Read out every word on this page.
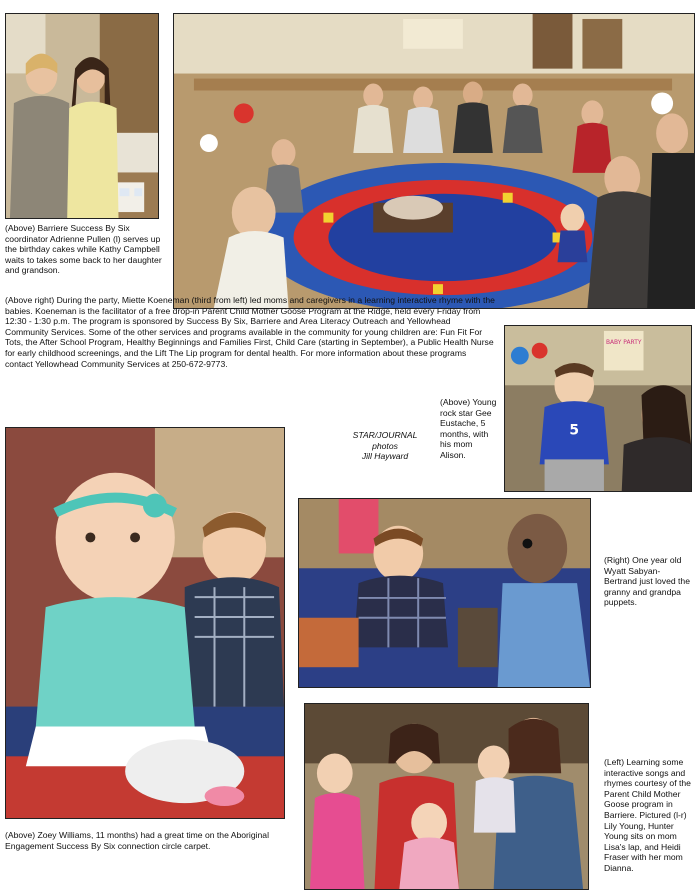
BABY PARTY
5

(Above) Barriere Success By Six coordinator Adrienne Pullen (l) serves up the birthday cakes while Kathy Campbell waits to takes some back to her daughter and grandson.

(Above right) During the party, Miette Koeneman (third from left) led moms and caregivers in a learning interactive rhyme with the babies. Koeneman is the facilitator of a free drop-in Parent Child Mother Goose Program at the Ridge, held every Friday from 12:30 - 1:30 p.m. The program is sponsored by Success By Six, Barriere and Area Literacy Outreach and Yellowhead Community Services. Some of the other services and programs available in the community for young children are: Fun Fit For Tots, the After School Program, Healthy Beginnings and Families First, Child Care (starting in September), a Public Health Nurse for early childhood screenings, and the Lift The Lip program for dental health. For more information about these programs contact Yellowhead Community Services at 250-672-9773.

(Above) Young rock star Gee Eustache, 5 months, with his mom Alison.

STAR/JOURNAL
photos
Jill Hayward

(Right) One year old Wyatt Sabyan-Bertrand just loved the granny and grandpa puppets.

(Above) Zoey Williams, 11 months) had a great time on the Aboriginal Engagement Success By Six connection circle carpet.

(Left) Learning some interactive songs and rhymes courtesy of the Parent Child Mother Goose program in Barriere. Pictured (l-r) Lily Young, Hunter Young sits on mom Lisa's lap, and Heidi Fraser with her mom Dianna.
